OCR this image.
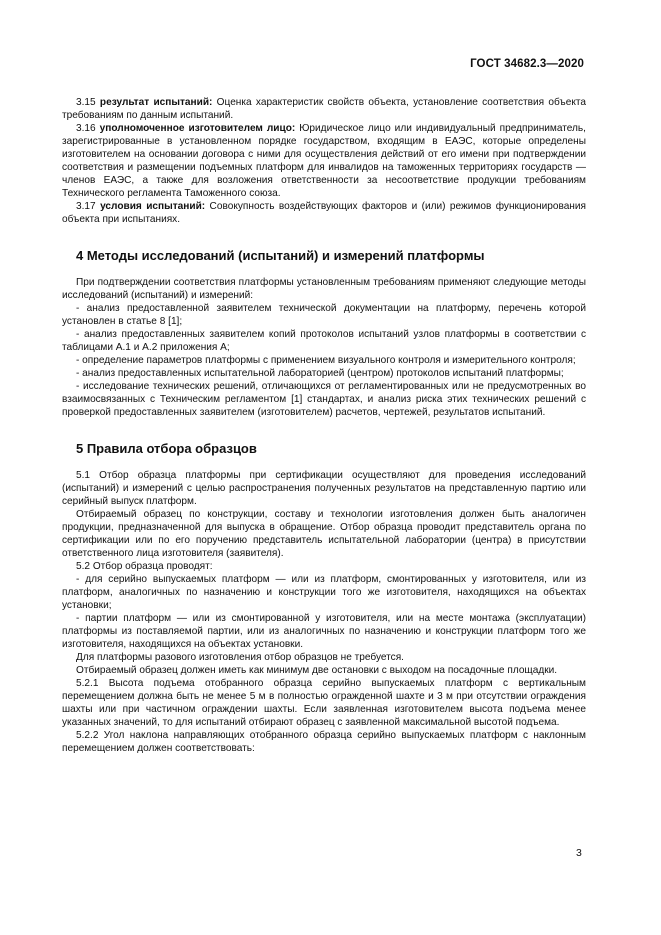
ГОСТ 34682.3—2020

3.15 результат испытаний: Оценка характеристик свойств объекта, установление соответствия объекта требованиям по данным испытаний.

3.16 уполномоченное изготовителем лицо: Юридическое лицо или индивидуальный предприниматель, зарегистрированные в установленном порядке государством, входящим в ЕАЭС, которые определены изготовителем на основании договора с ними для осуществления действий от его имени при подтверждении соответствия и размещении подъемных платформ для инвалидов на таможенных территориях государств — членов ЕАЭС, а также для возложения ответственности за несоответствие продукции требованиям Технического регламента Таможенного союза.

3.17 условия испытаний: Совокупность воздействующих факторов и (или) режимов функционирования объекта при испытаниях.

4 Методы исследований (испытаний) и измерений платформы

При подтверждении соответствия платформы установленным требованиям применяют следующие методы исследований (испытаний) и измерений:

- анализ предоставленной заявителем технической документации на платформу, перечень которой установлен в статье 8 [1];

- анализ предоставленных заявителем копий протоколов испытаний узлов платформы в соответствии с таблицами А.1 и А.2 приложения А;

- определение параметров платформы с применением визуального контроля и измерительного контроля;

- анализ предоставленных испытательной лабораторией (центром) протоколов испытаний платформы;

- исследование технических решений, отличающихся от регламентированных или не предусмотренных во взаимосвязанных с Техническим регламентом [1] стандартах, и анализ риска этих технических решений с проверкой предоставленных заявителем (изготовителем) расчетов, чертежей, результатов испытаний.

5 Правила отбора образцов

5.1 Отбор образца платформы при сертификации осуществляют для проведения исследований (испытаний) и измерений с целью распространения полученных результатов на представленную партию или серийный выпуск платформ.

Отбираемый образец по конструкции, составу и технологии изготовления должен быть аналогичен продукции, предназначенной для выпуска в обращение. Отбор образца проводит представитель органа по сертификации или по его поручению представитель испытательной лаборатории (центра) в присутствии ответственного лица изготовителя (заявителя).

5.2 Отбор образца проводят:

- для серийно выпускаемых платформ — или из платформ, смонтированных у изготовителя, или из платформ, аналогичных по назначению и конструкции того же изготовителя, находящихся на объектах установки;

- партии платформ — или из смонтированной у изготовителя, или на месте монтажа (эксплуатации) платформы из поставляемой партии, или из аналогичных по назначению и конструкции платформ того же изготовителя, находящихся на объектах установки.

Для платформы разового изготовления отбор образцов не требуется.

Отбираемый образец должен иметь как минимум две остановки с выходом на посадочные площадки.

5.2.1 Высота подъема отобранного образца серийно выпускаемых платформ с вертикальным перемещением должна быть не менее 5 м в полностью огражденной шахте и 3 м при отсутствии ограждения шахты или при частичном ограждении шахты. Если заявленная изготовителем высота подъема менее указанных значений, то для испытаний отбирают образец с заявленной максимальной высотой подъема.

5.2.2 Угол наклона направляющих отобранного образца серийно выпускаемых платформ с наклонным перемещением должен соответствовать:

3
